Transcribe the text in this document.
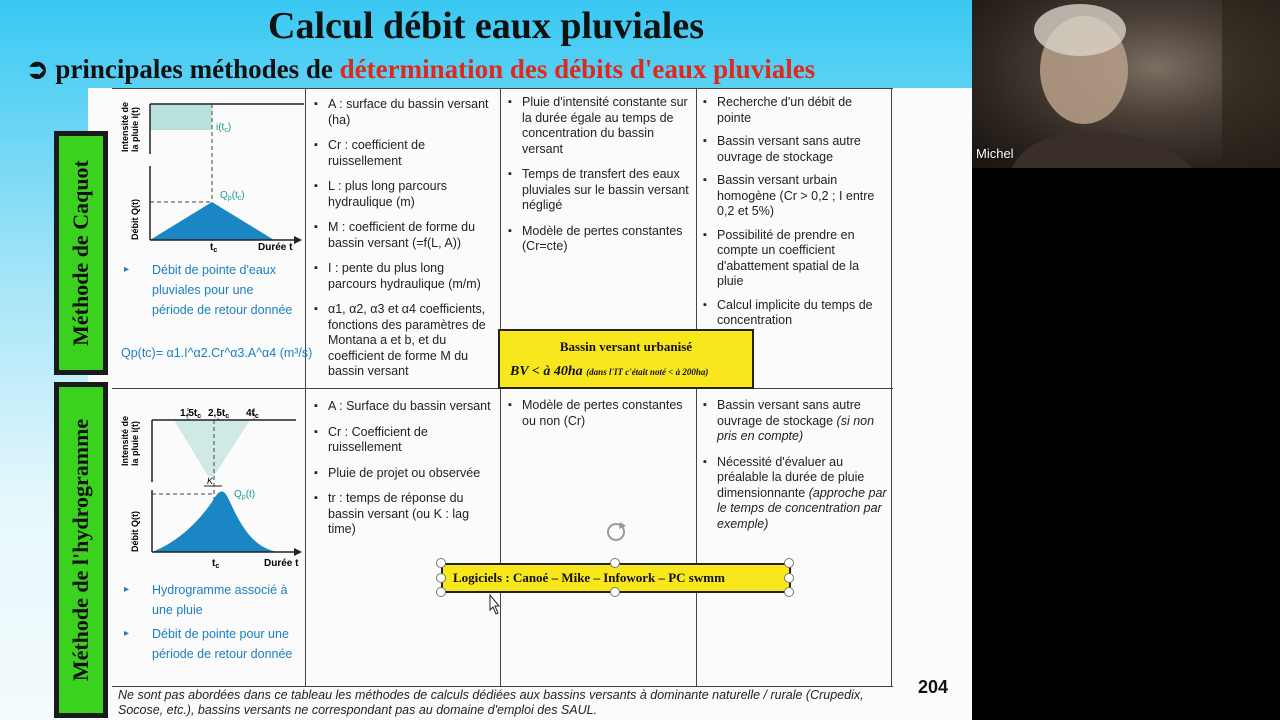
Calcul débit eaux pluviales
➲ principales méthodes de détermination des débits d'eaux pluviales
Méthode de Caquot
Méthode de l'hydrogramme
Intensité de la pluie i(t)
Débit Q(t)
$i(t_c)$
$Q_p(t_c)$
$t_c$	Durée t
▸ Débit de pointe d'eaux pluviales pour une période de retour donnée
Qp(tc)= α1.I^α2.Cr^α3.A^α4 (m³/s)
▪ A : surface du bassin versant (ha)
▪ Cr : coefficient de ruissellement
▪ L : plus long parcours hydraulique (m)
▪ M : coefficient de forme du bassin versant (=f(L, A))
▪ I : pente du plus long parcours hydraulique (m/m)
▪ α1, α2, α3 et α4 coefficients, fonctions des paramètres de Montana a et b, et du coefficient de forme M du bassin versant
▪ Pluie d'intensité constante sur la durée égale au temps de concentration du bassin versant
▪ Temps de transfert des eaux pluviales sur le bassin versant négligé
▪ Modèle de pertes constantes (Cr=cte)
▪ Recherche d'un débit de pointe
▪ Bassin versant sans autre ouvrage de stockage
▪ Bassin versant urbain homogène (Cr > 0,2 ; I entre 0,2 et 5%)
▪ Possibilité de prendre en compte un coefficient d'abattement spatial de la pluie
▪ Calcul implicite du temps de concentration
$1,5t_c$ $2,5t_c$ $4t_c$
Intensité de la pluie i(t)
Débit Q(t)
K
$Q_p(t)$
$t_c$	Durée t
▸ Hydrogramme associé à une pluie
▸ Débit de pointe pour une période de retour donnée
▪ A : Surface du bassin versant
▪ Cr : Coefficient de ruissellement
▪ Pluie de projet ou observée
▪ tr : temps de réponse du bassin versant (ou K : lag time)
▪ Modèle de pertes constantes ou non (Cr)
▪ Bassin versant sans autre ouvrage de stockage (si non pris en compte)
▪ Nécessité d'évaluer au préalable la durée de pluie dimensionnante (approche par le temps de concentration par exemple)
Bassin versant urbanisé
BV < à 40ha (dans l'IT c'était noté < à 200ha)
Logiciels : Canoé – Mike – Infowork – PC swmm
204
Ne sont pas abordées dans ce tableau les méthodes de calculs dédiées aux bassins versants à dominante naturelle / rurale (Crupedix, Socose, etc.), bassins versants ne correspondant pas au domaine d'emploi des SAUL.
Michel
